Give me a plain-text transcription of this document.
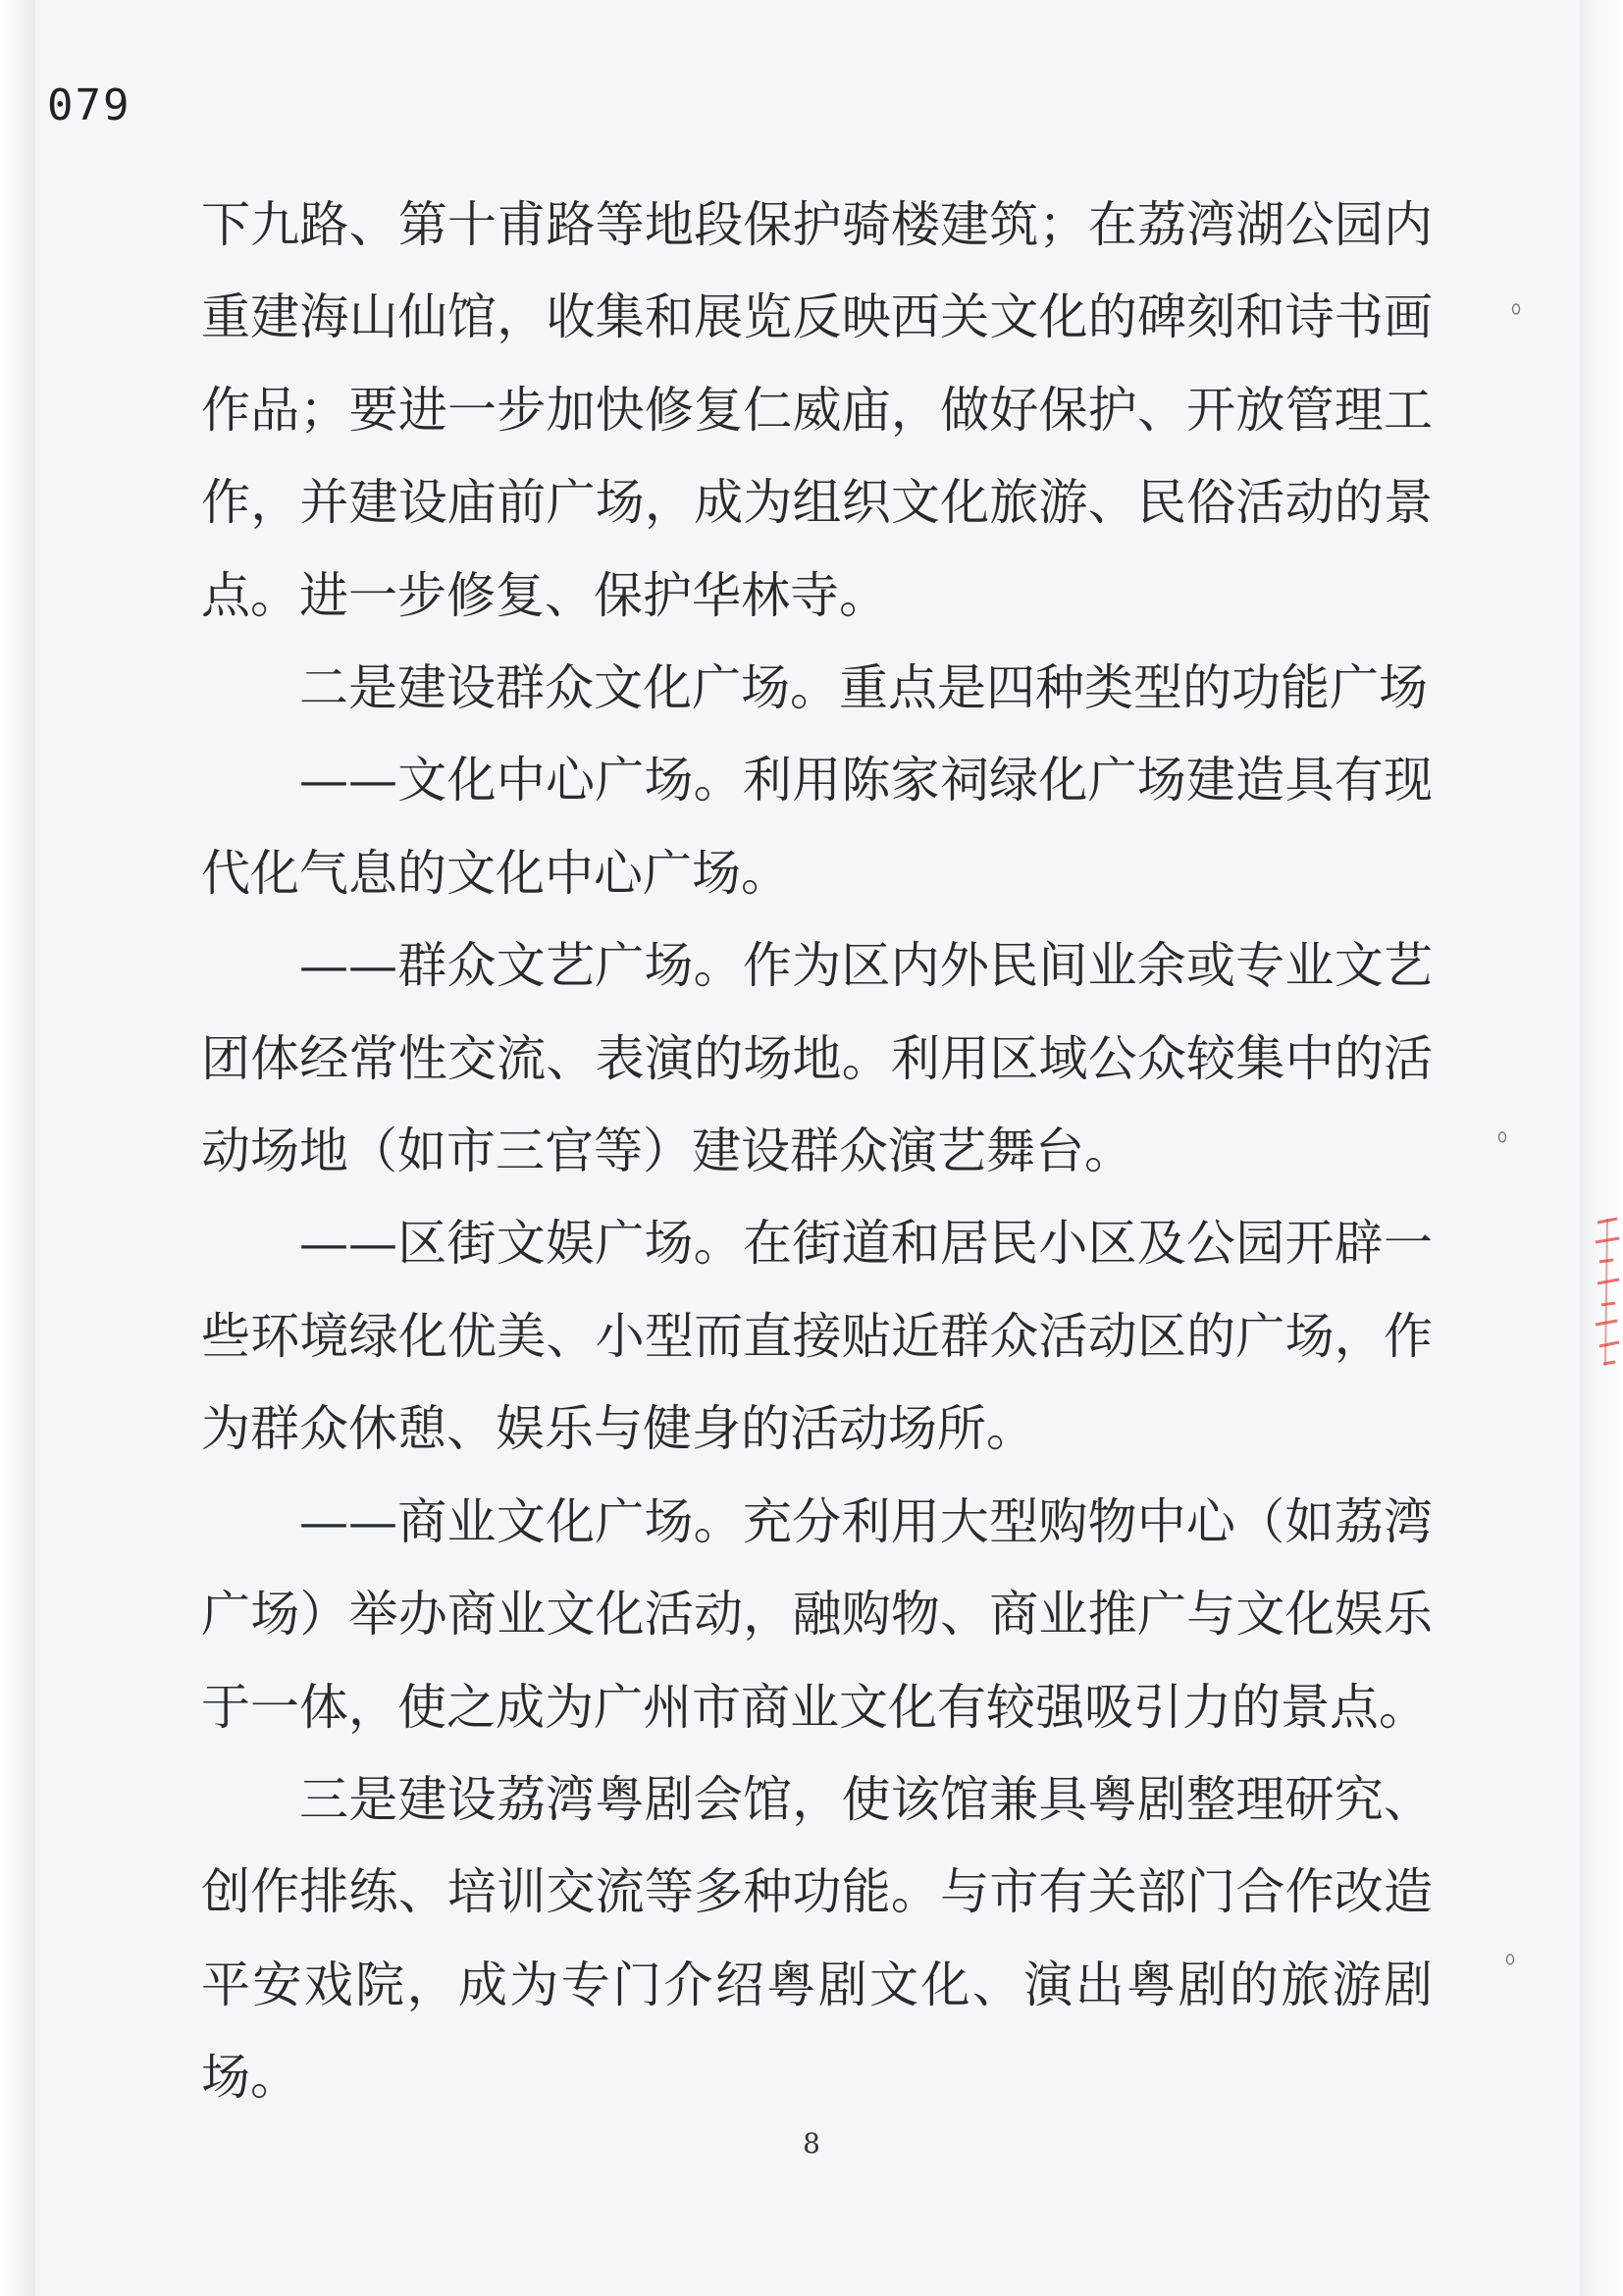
079

下九路、第十甫路等地段保护骑楼建筑；在荔湾湖公园内重建海山仙馆，收集和展览反映西关文化的碑刻和诗书画作品；要进一步加快修复仁威庙，做好保护、开放管理工作，并建设庙前广场，成为组织文化旅游、民俗活动的景点。进一步修复、保护华林寺。

二是建设群众文化广场。重点是四种类型的功能广场

——文化中心广场。利用陈家祠绿化广场建造具有现代化气息的文化中心广场。

——群众文艺广场。作为区内外民间业余或专业文艺团体经常性交流、表演的场地。利用区域公众较集中的活动场地（如市三官等）建设群众演艺舞台。

——区街文娱广场。在街道和居民小区及公园开辟一些环境绿化优美、小型而直接贴近群众活动区的广场，作为群众休憩、娱乐与健身的活动场所。

——商业文化广场。充分利用大型购物中心（如荔湾广场）举办商业文化活动，融购物、商业推广与文化娱乐于一体，使之成为广州市商业文化有较强吸引力的景点。

三是建设荔湾粤剧会馆，使该馆兼具粤剧整理研究、创作排练、培训交流等多种功能。与市有关部门合作改造平安戏院，成为专门介绍粤剧文化、演出粤剧的旅游剧场。

8
